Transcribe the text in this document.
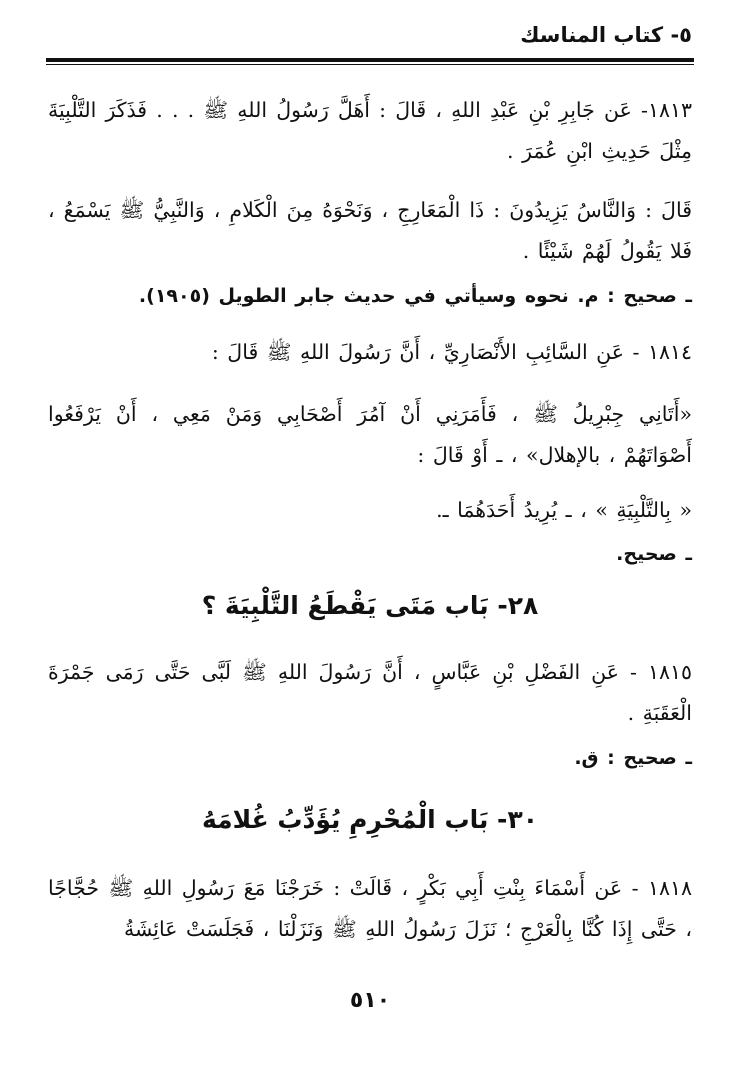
٥- كتاب المناسك

١٨١٣- عَن جَابِرِ بْنِ عَبْدِ اللهِ ، قَالَ : أَهَلَّ رَسُولُ اللهِ ﷺ . . . فَذَكَرَ التَّلْبِيَةَ مِثْلَ حَدِيثِ ابْنِ عُمَرَ .

قَالَ : وَالنَّاسُ يَزِيدُونَ : ذَا الْمَعَارِجِ ، وَنَحْوَهُ مِنَ الْكَلامِ ، وَالنَّبِيُّ ﷺ يَسْمَعُ ، فَلا يَقُولُ لَهُمْ شَيْئًا .

ـ صحيح : م. نحوه وسيأتي في حديث جابر الطويل (١٩٠٥).

١٨١٤ - عَنِ السَّائِبِ الأَنْصَارِيِّ ، أَنَّ رَسُولَ اللهِ ﷺ قَالَ :

«أَتَانِي جِبْرِيلُ ﷺ ، فَأَمَرَنِي أَنْ آمُرَ أَصْحَابِي وَمَنْ مَعِي ، أَنْ يَرْفَعُوا أَصْوَاتَهُمْ ، بالإهلال» ، ـ أَوْ قَالَ :

« بِالتَّلْبِيَةِ » ، ـ يُرِيدُ أَحَدَهُمَا ـ.

ـ صحيح.

٢٨- بَاب مَتَى يَقْطَعُ التَّلْبِيَةَ ؟

١٨١٥ - عَنِ الفَضْلِ بْنِ عَبَّاسٍ ، أَنَّ رَسُولَ اللهِ ﷺ لَبَّى حَتَّى رَمَى جَمْرَةَ الْعَقَبَةِ .

ـ صحيح : ق.

٣٠- بَاب الْمُحْرِمِ يُؤَدِّبُ غُلامَهُ

١٨١٨ - عَن أَسْمَاءَ بِنْتِ أَبِي بَكْرٍ ، قَالَتْ : خَرَجْنَا مَعَ رَسُولِ اللهِ ﷺ حُجَّاجًا ، حَتَّى إِذَا كُنَّا بِالْعَرْجِ ؛ نَزَلَ رَسُولُ اللهِ ﷺ وَنَزَلْنَا ، فَجَلَسَتْ عَائِشَةُ

٥١٠
